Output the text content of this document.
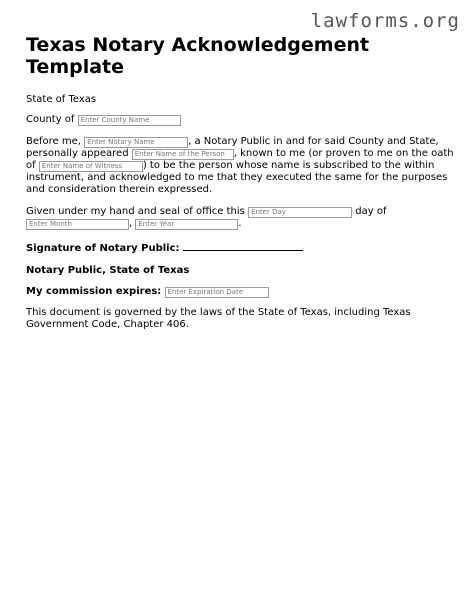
lawforms.org
Texas Notary Acknowledgement Template

State of Texas

County of Enter County Name

Before me, Enter Notary Name	, a Notary Public in and for said County and State, personally appeared Enter Name of the Person	, known to me (or proven to me on the oath of Enter Name of Witness	) to be the person whose name is subscribed to the within instrument, and acknowledged to me that they executed the same for the purposes and consideration therein expressed.

Given under my hand and seal of office this Enter Day	day of Enter Month, Enter Year	.

Signature of Notary Public:

Notary Public, State of Texas

My commission expires: Enter Expiration Date

This document is governed by the laws of the State of Texas, including Texas Government Code, Chapter 406.
